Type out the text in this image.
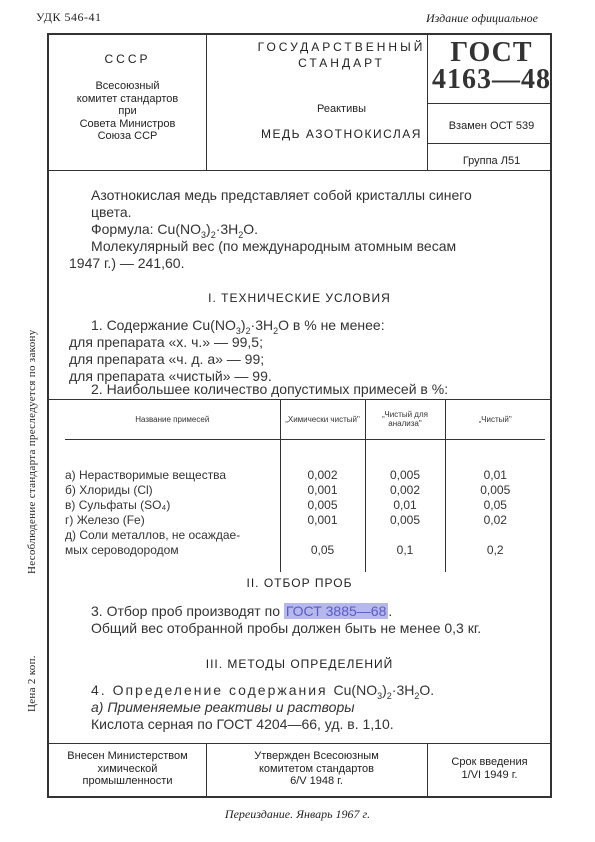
УДК 546-41	Издание официальное
Несоблюдение стандарта преследуется по закону
Цена 2 коп.
СССР
Всесоюзный
комитет стандартов
при
Совета Министров
Союза ССР
ГОСУДАРСТВЕННЫЙ
СТАНДАРТ
Реактивы
МЕДЬ АЗОТНОКИСЛАЯ
ГОСТ
4163—48
Взамен ОСТ 539
Группа Л51
Азотнокислая медь представляет собой кристаллы синего
цвета.
Формула: $Cu(NO_3)_2\cdot 3H_2O$.
Молекулярный вес (по международным атомным весам
1947 г.) — 241,60.
I. ТЕХНИЧЕСКИЕ УСЛОВИЯ
1. Содержание $Cu(NO_3)_2\cdot 3H_2O$ в % не менее:
для препарата «х. ч.» — 99,5;
для препарата «ч. д. а» — 99;
для препарата «чистый» — 99.
2. Наибольшее количество допустимых примесей в %:
Название примесей	„Химически чистый"	„Чистый для анализа"	„Чистый"

а) Нерастворимые вещества	0,002	0,005	0,01
б) Хлориды (Cl)	0,001	0,002	0,005
в) Сульфаты (SO₄)	0,005	0,01	0,05
г) Железо (Fe)	0,001	0,005	0,02
д) Соли металлов, не осаждае-			
мых сероводородом	0,05	0,1	0,2

II. ОТБОР ПРОБ
3. Отбор проб производят по ГОСТ 3885—68 .
Общий вес отобранной пробы должен быть не менее 0,3 кг.
III. МЕТОДЫ ОПРЕДЕЛЕНИЙ
4. Определение содержания $Cu(NO_3)_2\cdot 3H_2O$.
а) Применяемые реактивы и растворы
Кислота серная по ГОСТ 4204—66, уд. в. 1,10.
Внесен Министерством
химической
промышленности
Утвержден Всесоюзным
комитетом стандартов
6/V 1948 г.
Срок введения
1/VI 1949 г.
Переиздание. Январь 1967 г.
